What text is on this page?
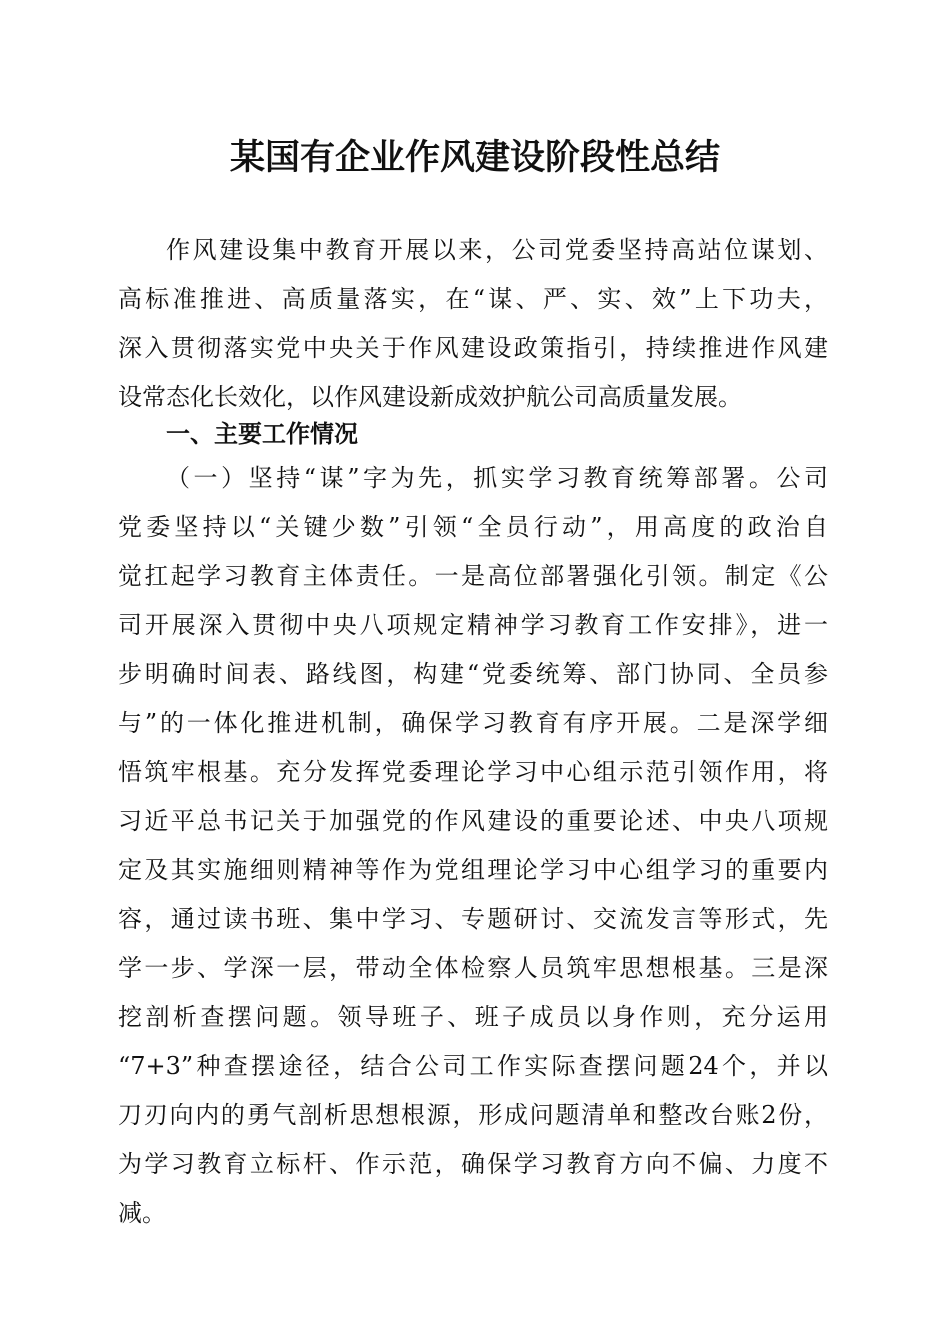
某国有企业作风建设阶段性总结
作风建设集中教育开展以来，公司党委坚持高站位谋划、
高标准推进、高质量落实，在“谋、严、实、效”上下功夫，
深入贯彻落实党中央关于作风建设政策指引，持续推进作风建
设常态化长效化，以作风建设新成效护航公司高质量发展。
一、主要工作情况
（一）坚持“谋”字为先，抓实学习教育统筹部署。公司
党委坚持以“关键少数”引领“全员行动”，用高度的政治自
觉扛起学习教育主体责任。一是高位部署强化引领。制定《公
司开展深入贯彻中央八项规定精神学习教育工作安排》，进一
步明确时间表、路线图，构建“党委统筹、部门协同、全员参
与”的一体化推进机制，确保学习教育有序开展。二是深学细
悟筑牢根基。充分发挥党委理论学习中心组示范引领作用，将
习近平总书记关于加强党的作风建设的重要论述、中央八项规
定及其实施细则精神等作为党组理论学习中心组学习的重要内
容，通过读书班、集中学习、专题研讨、交流发言等形式，先
学一步、学深一层，带动全体检察人员筑牢思想根基。三是深
挖剖析查摆问题。领导班子、班子成员以身作则，充分运用
“7+3”种查摆途径，结合公司工作实际查摆问题24个，并以
刀刃向内的勇气剖析思想根源，形成问题清单和整改台账2份，
为学习教育立标杆、作示范，确保学习教育方向不偏、力度不
减。
